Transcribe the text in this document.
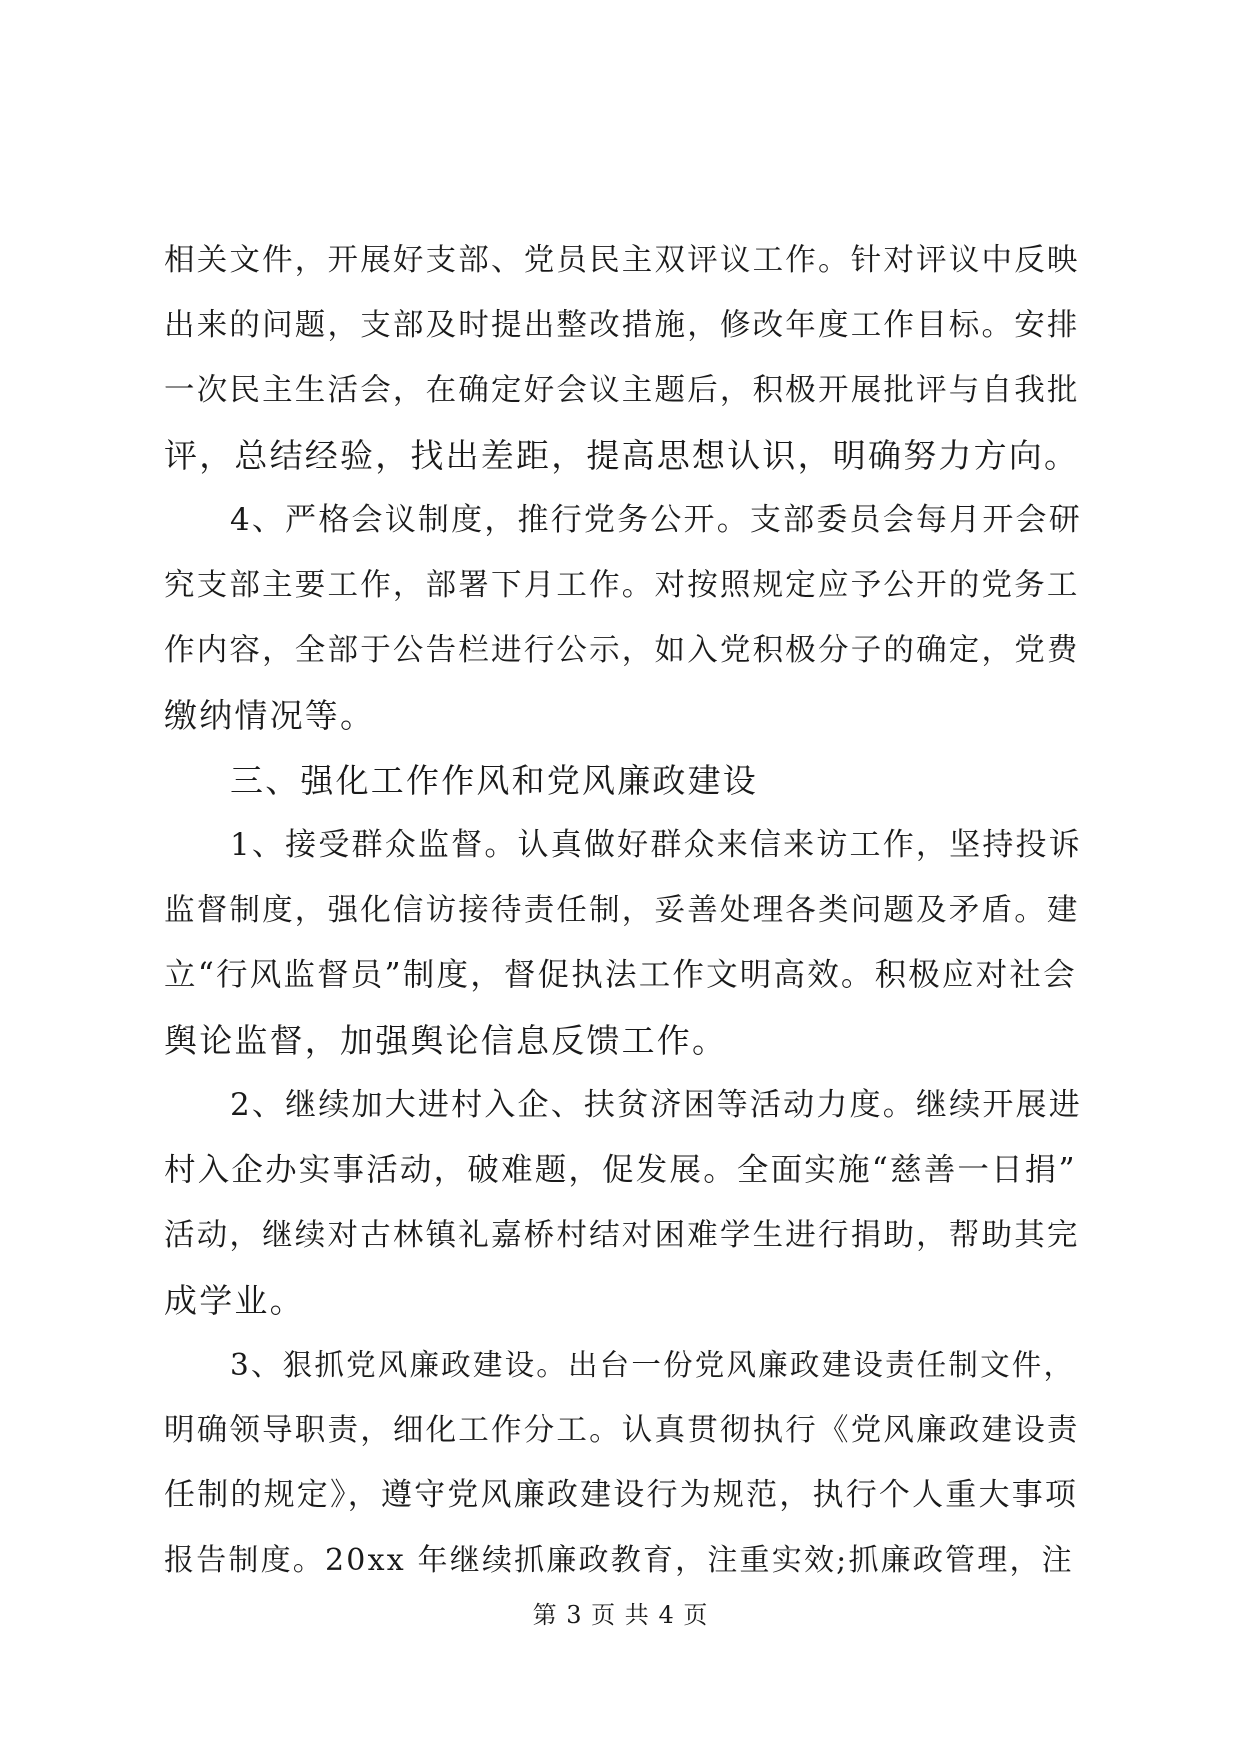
相关文件，开展好支部、党员民主双评议工作。针对评议中反映
出来的问题，支部及时提出整改措施，修改年度工作目标。安排
一次民主生活会，在确定好会议主题后，积极开展批评与自我批
评，总结经验，找出差距，提高思想认识，明确努力方向。
4、严格会议制度，推行党务公开。支部委员会每月开会研
究支部主要工作，部署下月工作。对按照规定应予公开的党务工
作内容，全部于公告栏进行公示，如入党积极分子的确定，党费
缴纳情况等。
三、强化工作作风和党风廉政建设
1、接受群众监督。认真做好群众来信来访工作，坚持投诉
监督制度，强化信访接待责任制，妥善处理各类问题及矛盾。建
立“行风监督员”制度，督促执法工作文明高效。积极应对社会
舆论监督，加强舆论信息反馈工作。
2、继续加大进村入企、扶贫济困等活动力度。继续开展进
村入企办实事活动，破难题，促发展。全面实施“慈善一日捐”
活动，继续对古林镇礼嘉桥村结对困难学生进行捐助，帮助其完
成学业。
3、狠抓党风廉政建设。出台一份党风廉政建设责任制文件，
明确领导职责，细化工作分工。认真贯彻执行《党风廉政建设责
任制的规定》，遵守党风廉政建设行为规范，执行个人重大事项
报告制度。20xx 年继续抓廉政教育，注重实效;抓廉政管理，注
第 3 页 共 4 页
